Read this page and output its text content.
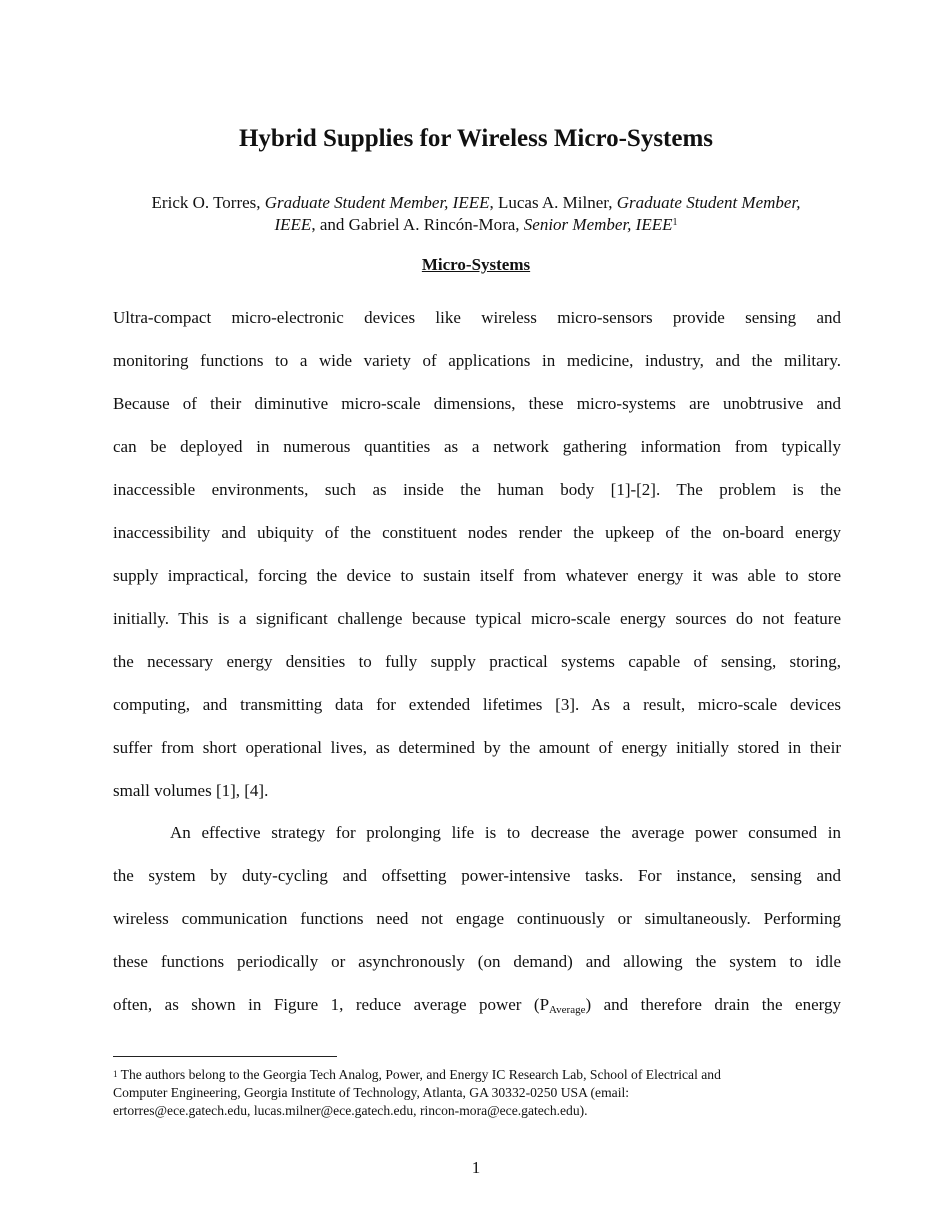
Hybrid Supplies for Wireless Micro-Systems

Erick O. Torres, Graduate Student Member, IEEE, Lucas A. Milner, Graduate Student Member,
IEEE, and Gabriel A. Rincón-Mora, Senior Member, IEEE$^1$

Micro-Systems
Ultra-compact micro-electronic devices like wireless micro-sensors provide sensing and
monitoring functions to a wide variety of applications in medicine, industry, and the military.
Because of their diminutive micro-scale dimensions, these micro-systems are unobtrusive and
can be deployed in numerous quantities as a network gathering information from typically
inaccessible environments, such as inside the human body [1]-[2]. The problem is the
inaccessibility and ubiquity of the constituent nodes render the upkeep of the on-board energy
supply impractical, forcing the device to sustain itself from whatever energy it was able to store
initially. This is a significant challenge because typical micro-scale energy sources do not feature
the necessary energy densities to fully supply practical systems capable of sensing, storing,
computing, and transmitting data for extended lifetimes [3]. As a result, micro-scale devices
suffer from short operational lives, as determined by the amount of energy initially stored in their
small volumes [1], [4].
An effective strategy for prolonging life is to decrease the average power consumed in
the system by duty-cycling and offsetting power-intensive tasks. For instance, sensing and
wireless communication functions need not engage continuously or simultaneously. Performing
these functions periodically or asynchronously (on demand) and allowing the system to idle
often, as shown in Figure 1, reduce average power $(P_{Average})$ and therefore drain the energy

$^1$ The authors belong to the Georgia Tech Analog, Power, and Energy IC Research Lab, School of Electrical and
Computer Engineering, Georgia Institute of Technology, Atlanta, GA 30332-0250 USA (email:
ertorres@ece.gatech.edu, lucas.milner@ece.gatech.edu, rincon-mora@ece.gatech.edu).

1
